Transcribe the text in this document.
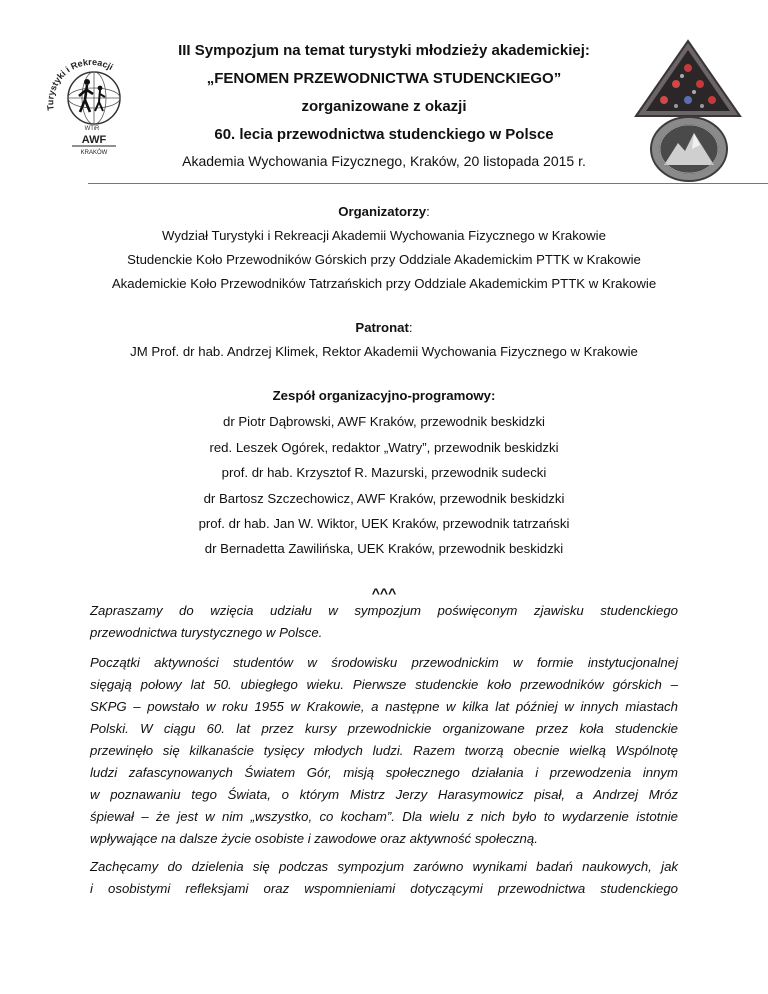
Turystyki i Rekreacji
WTiR
AWF
KRAKÓW
III Sympozjum na temat turystyki młodzieży akademickiej:
„FENOMEN PRZEWODNICTWA STUDENCKIEGO”
zorganizowane z okazji
60. lecia przewodnictwa studenckiego w Polsce
Akademia Wychowania Fizycznego, Kraków, 20 listopada 2015 r.
Organizatorzy:
Wydział Turystyki i Rekreacji Akademii Wychowania Fizycznego w Krakowie
Studenckie Koło Przewodników Górskich przy Oddziale Akademickim PTTK w Krakowie
Akademickie Koło Przewodników Tatrzańskich przy Oddziale Akademickim PTTK w Krakowie
Patronat:
JM Prof. dr hab. Andrzej Klimek, Rektor Akademii Wychowania Fizycznego w Krakowie
Zespół organizacyjno-programowy:
dr Piotr Dąbrowski, AWF Kraków, przewodnik beskidzki
red. Leszek Ogórek, redaktor „Watry”, przewodnik beskidzki
prof. dr hab. Krzysztof R. Mazurski, przewodnik sudecki
dr Bartosz Szczechowicz, AWF Kraków, przewodnik beskidzki
prof. dr hab. Jan W. Wiktor, UEK Kraków, przewodnik tatrzański
dr Bernadetta Zawilińska, UEK Kraków, przewodnik beskidzki
^^^
Zapraszamy do wzięcia udziału w sympozjum poświęconym zjawisku studenckiego
przewodnictwa turystycznego w Polsce.
Początki aktywności studentów w środowisku przewodnickim w formie instytucjonalnej
sięgają połowy lat 50. ubiegłego wieku. Pierwsze studenckie koło przewodników górskich –
SKPG – powstało w roku 1955 w Krakowie, a następne w kilka lat później w innych miastach
Polski. W ciągu 60. lat przez kursy przewodnickie organizowane przez koła studenckie
przewinęło się kilkanaście tysięcy młodych ludzi. Razem tworzą obecnie wielką Wspólnotę
ludzi zafascynowanych Światem Gór, misją społecznego działania i przewodzenia innym
w poznawaniu tego Świata, o którym Mistrz Jerzy Harasymowicz pisał, a Andrzej Mróz
śpiewał – że jest w nim „wszystko, co kocham”. Dla wielu z nich było to wydarzenie istotnie
wpływające na dalsze życie osobiste i zawodowe oraz aktywność społeczną.
Zachęcamy do dzielenia się podczas sympozjum zarówno wynikami badań naukowych, jak
i osobistymi refleksjami oraz wspomnieniami dotyczącymi przewodnictwa studenckiego
